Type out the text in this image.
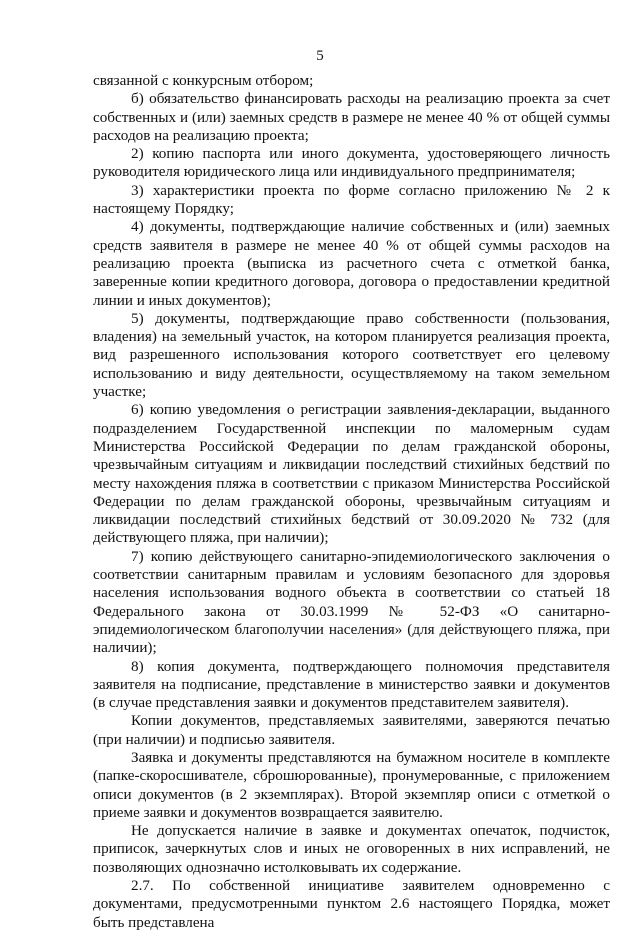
5

связанной с конкурсным отбором;

б) обязательство финансировать расходы на реализацию проекта за счет собственных и (или) заемных средств в размере не менее 40 % от общей суммы расходов на реализацию проекта;

2) копию паспорта или иного документа, удостоверяющего личность руководителя юридического лица или индивидуального предпринимателя;

3) характеристики проекта по форме согласно приложению № 2 к настоящему Порядку;

4) документы, подтверждающие наличие собственных и (или) заемных средств заявителя в размере не менее 40 % от общей суммы расходов на реализацию проекта (выписка из расчетного счета с отметкой банка, заверенные копии кредитного договора, договора о предоставлении кредитной линии и иных документов);

5) документы, подтверждающие право собственности (пользования, владения) на земельный участок, на котором планируется реализация проекта, вид разрешенного использования которого соответствует его целевому использованию и виду деятельности, осуществляемому на таком земельном участке;

6) копию уведомления о регистрации заявления-декларации, выданного подразделением Государственной инспекции по маломерным судам Министерства Российской Федерации по делам гражданской обороны, чрезвычайным ситуациям и ликвидации последствий стихийных бедствий по месту нахождения пляжа в соответствии с приказом Министерства Российской Федерации по делам гражданской обороны, чрезвычайным ситуациям и ликвидации последствий стихийных бедствий от 30.09.2020 № 732 (для действующего пляжа, при наличии);

7) копию действующего санитарно-эпидемиологического заключения о соответствии санитарным правилам и условиям безопасного для здоровья населения использования водного объекта в соответствии со статьей 18 Федерального закона от 30.03.1999 № 52-ФЗ «О санитарно-эпидемиологическом благополучии населения» (для действующего пляжа, при наличии);

8) копия документа, подтверждающего полномочия представителя заявителя на подписание, представление в министерство заявки и документов (в случае представления заявки и документов представителем заявителя).

Копии документов, представляемых заявителями, заверяются печатью (при наличии) и подписью заявителя.

Заявка и документы представляются на бумажном носителе в комплекте (папке-скоросшивателе, сброшюрованные), пронумерованные, с приложением описи документов (в 2 экземплярах). Второй экземпляр описи с отметкой о приеме заявки и документов возвращается заявителю.

Не допускается наличие в заявке и документах опечаток, подчисток, приписок, зачеркнутых слов и иных не оговоренных в них исправлений, не позволяющих однозначно истолковывать их содержание.

2.7. По собственной инициативе заявителем одновременно с документами, предусмотренными пунктом 2.6 настоящего Порядка, может быть представлена
